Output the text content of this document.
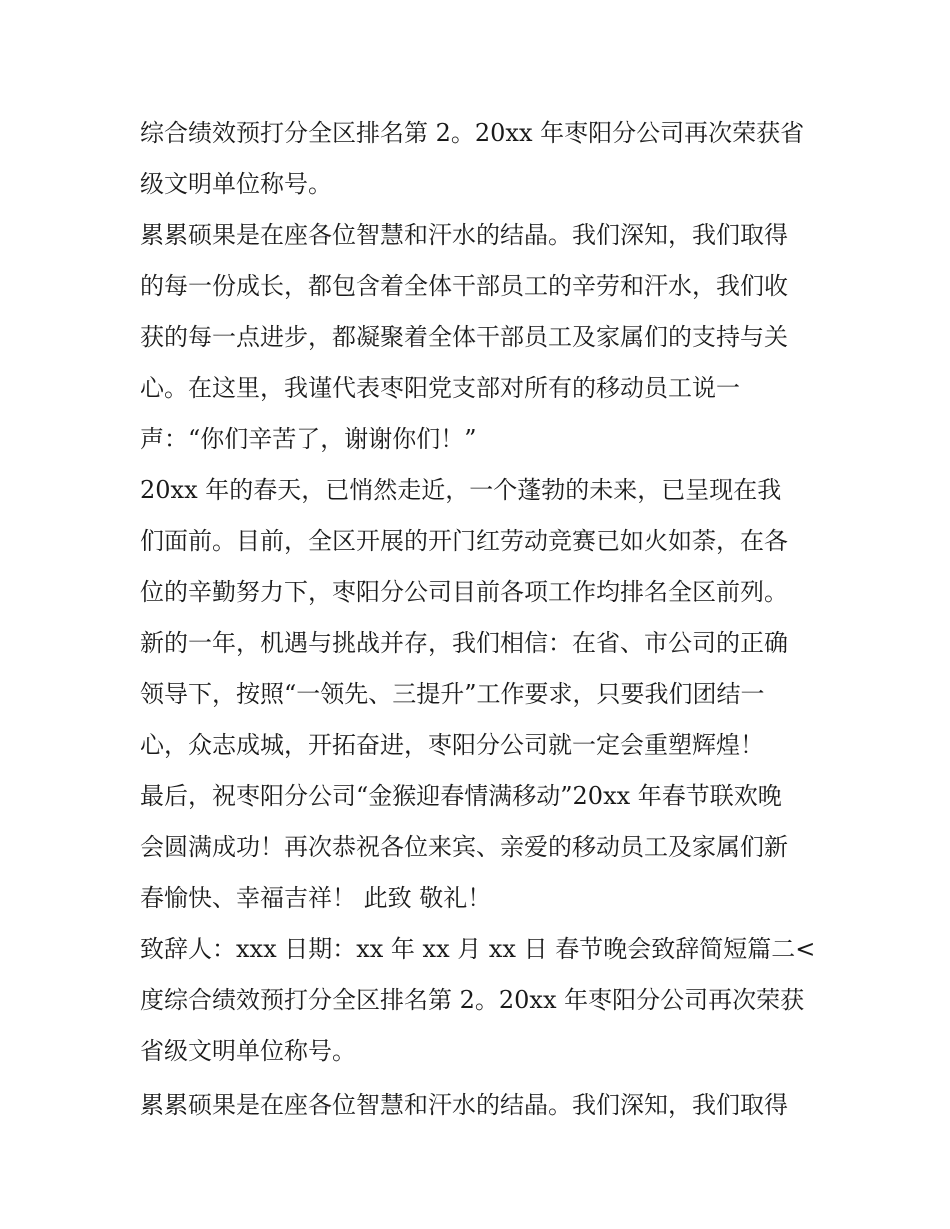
综合绩效预打分全区排名第 2。20xx 年枣阳分公司再次荣获省
级文明单位称号。
累累硕果是在座各位智慧和汗水的结晶。我们深知，我们取得
的每一份成长，都包含着全体干部员工的辛劳和汗水，我们收
获的每一点进步，都凝聚着全体干部员工及家属们的支持与关
心。在这里，我谨代表枣阳党支部对所有的移动员工说一
声：“你们辛苦了，谢谢你们！”
20xx 年的春天，已悄然走近，一个蓬勃的未来，已呈现在我
们面前。目前，全区开展的开门红劳动竞赛已如火如荼，在各
位的辛勤努力下，枣阳分公司目前各项工作均排名全区前列。
新的一年，机遇与挑战并存，我们相信：在省、市公司的正确
领导下，按照“一领先、三提升”工作要求，只要我们团结一
心，众志成城，开拓奋进，枣阳分公司就一定会重塑辉煌！
最后，祝枣阳分公司“金猴迎春情满移动”20xx 年春节联欢晚
会圆满成功！再次恭祝各位来宾、亲爱的移动员工及家属们新
春愉快、幸福吉祥！ 此致 敬礼！
致辞人：xxx 日期：xx 年 xx 月 xx 日 春节晚会致辞简短篇二<
度综合绩效预打分全区排名第 2。20xx 年枣阳分公司再次荣获
省级文明单位称号。
累累硕果是在座各位智慧和汗水的结晶。我们深知，我们取得
